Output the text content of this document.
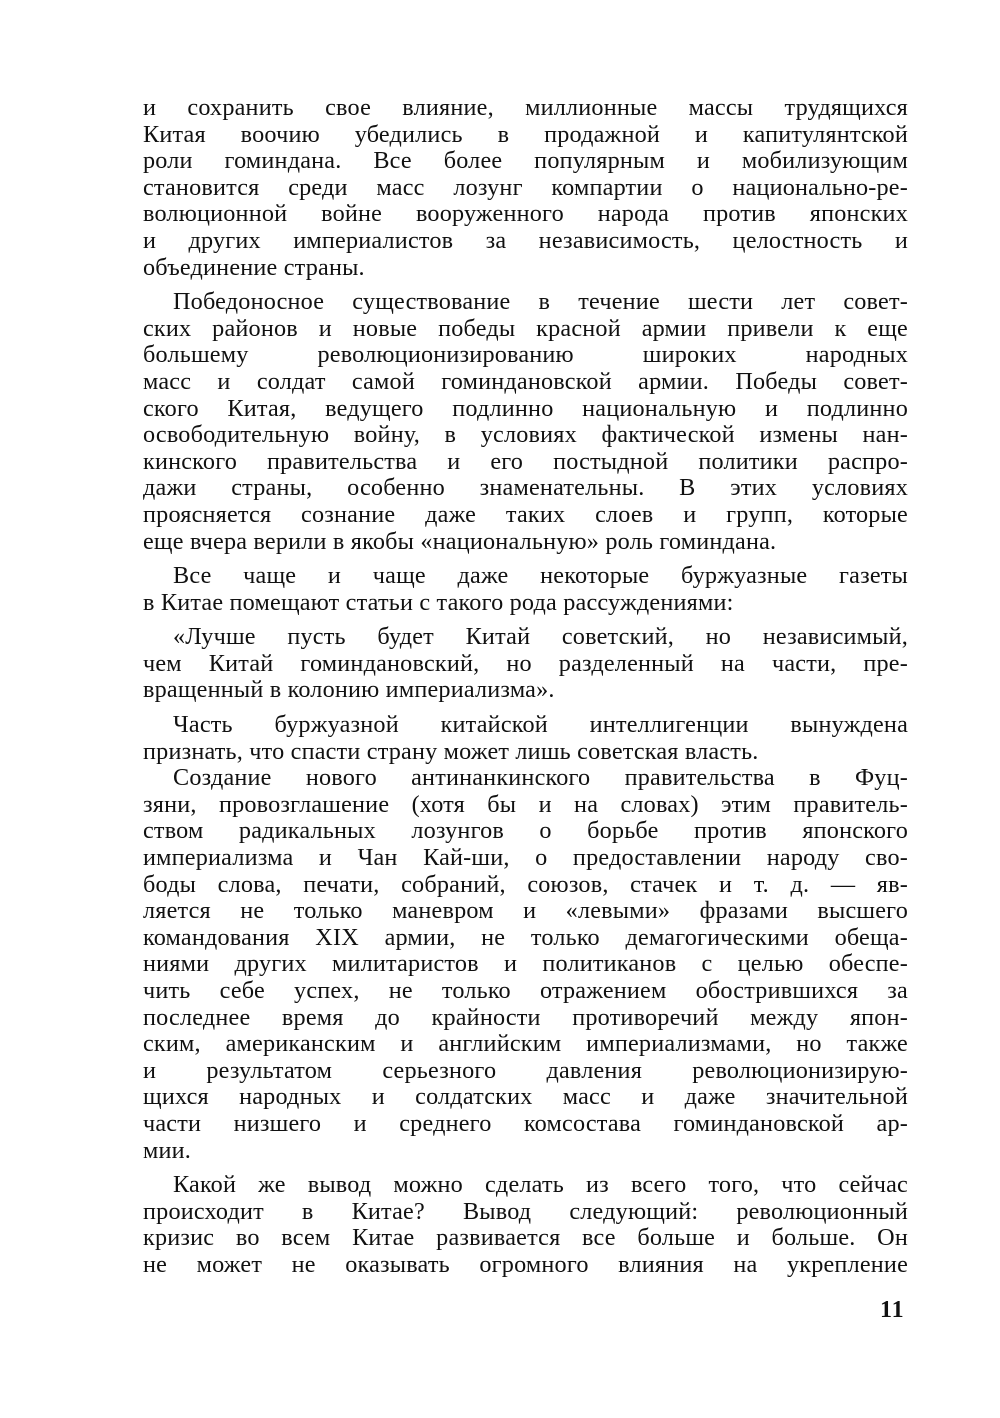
и сохранить свое влияние, миллионные массы трудящихся
Китая воочию убедились в продажной и капитулянтской
роли гоминдана. Все более популярным и мобилизующим
становится среди масс лозунг компартии о национально-ре-
волюционной войне вооруженного народа против японских
и других империалистов за независимость, целостность и
объединение страны.

Победоносное существование в течение шести лет совет-
ских районов и новые победы красной армии привели к еще
большему революционизированию широких народных
масс и солдат самой гоминдановской армии. Победы совет-
ского Китая, ведущего подлинно национальную и подлинно
освободительную войну, в условиях фактической измены нан-
кинского правительства и его постыдной политики распро-
дажи страны, особенно знаменательны. В этих условиях
проясняется сознание даже таких слоев и групп, которые
еще вчера верили в якобы «национальную» роль гоминдана.

Все чаще и чаще даже некоторые буржуазные газеты
в Китае помещают статьи с такого рода рассуждениями:

«Лучше пусть будет Китай советский, но независимый,
чем Китай гоминдановский, но разделенный на части, пре-
вращенный в колонию империализма».

Часть буржуазной китайской интеллигенции вынуждена
признать, что спасти страну может лишь советская власть.

Создание нового антинанкинского правительства в Фуц-
зяни, провозглашение (хотя бы и на словах) этим правитель-
ством радикальных лозунгов о борьбе против японского
империализма и Чан Кай-ши, о предоставлении народу сво-
боды слова, печати, собраний, союзов, стачек и т. д. — яв-
ляется не только маневром и «левыми» фразами высшего
командования XIX армии, не только демагогическими обеща-
ниями других милитаристов и политиканов с целью обеспе-
чить себе успех, не только отражением обострившихся за
последнее время до крайности противоречий между япон-
ским, американским и английским империализмами, но также
и результатом серьезного давления революционизирую-
щихся народных и солдатских масс и даже значительной
части низшего и среднего комсостава гоминдановской ар-
мии.

Какой же вывод можно сделать из всего того, что сейчас
происходит в Китае? Вывод следующий: революционный
кризис во всем Китае развивается все больше и больше. Он
не может не оказывать огромного влияния на укрепление

11
